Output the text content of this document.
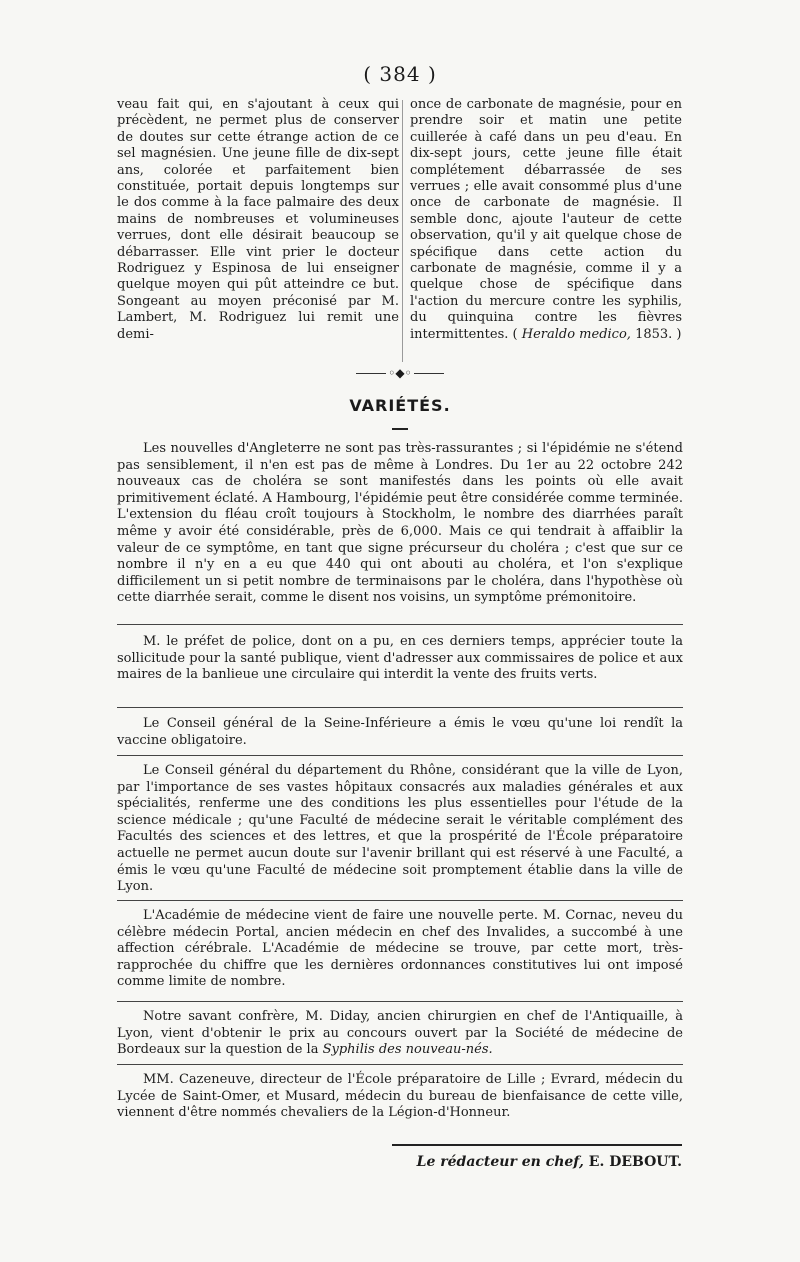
( 384 )

veau fait qui, en s'ajoutant à ceux qui précèdent, ne permet plus de conserver de doutes sur cette étrange action de ce sel magnésien. Une jeune fille de dix-sept ans, colorée et parfaitement bien constituée, portait depuis longtemps sur le dos comme à la face palmaire des deux mains de nombreuses et volumineuses verrues, dont elle désirait beaucoup se débarrasser. Elle vint prier le docteur Rodriguez y Espinosa de lui enseigner quelque moyen qui pût atteindre ce but. Songeant au moyen préconisé par M. Lambert, M. Rodriguez lui remit une demi-

once de carbonate de magnésie, pour en prendre soir et matin une petite cuillerée à café dans un peu d'eau. En dix-sept jours, cette jeune fille était complétement débarrassée de ses verrues ; elle avait consommé plus d'une once de carbonate de magnésie. Il semble donc, ajoute l'auteur de cette observation, qu'il y ait quelque chose de spécifique dans cette action du carbonate de magnésie, comme il y a quelque chose de spécifique dans l'action du mercure contre les syphilis, du quinquina contre les fièvres intermittentes. ( Heraldo medico, 1853. )

◦◆◦
VARIÉTÉS.

Les nouvelles d'Angleterre ne sont pas très-rassurantes ; si l'épidémie ne s'étend pas sensiblement, il n'en est pas de même à Londres. Du 1er au 22 octobre 242 nouveaux cas de choléra se sont manifestés dans les points où elle avait primitivement éclaté. A Hambourg, l'épidémie peut être considérée comme terminée. L'extension du fléau croît toujours à Stockholm, le nombre des diarrhées paraît même y avoir été considérable, près de 6,000. Mais ce qui tendrait à affaiblir la valeur de ce symptôme, en tant que signe précurseur du choléra ; c'est que sur ce nombre il n'y en a eu que 440 qui ont abouti au choléra, et l'on s'explique difficilement un si petit nombre de terminaisons par le choléra, dans l'hypothèse où cette diarrhée serait, comme le disent nos voisins, un symptôme prémonitoire.

M. le préfet de police, dont on a pu, en ces derniers temps, apprécier toute la sollicitude pour la santé publique, vient d'adresser aux commissaires de police et aux maires de la banlieue une circulaire qui interdit la vente des fruits verts.

Le Conseil général de la Seine-Inférieure a émis le vœu qu'une loi rendît la vaccine obligatoire.

Le Conseil général du département du Rhône, considérant que la ville de Lyon, par l'importance de ses vastes hôpitaux consacrés aux maladies générales et aux spécialités, renferme une des conditions les plus essentielles pour l'étude de la science médicale ; qu'une Faculté de médecine serait le véritable complément des Facultés des sciences et des lettres, et que la prospérité de l'École préparatoire actuelle ne permet aucun doute sur l'avenir brillant qui est réservé à une Faculté, a émis le vœu qu'une Faculté de médecine soit promptement établie dans la ville de Lyon.

L'Académie de médecine vient de faire une nouvelle perte. M. Cornac, neveu du célèbre médecin Portal, ancien médecin en chef des Invalides, a succombé à une affection cérébrale. L'Académie de médecine se trouve, par cette mort, très-rapprochée du chiffre que les dernières ordonnances constitutives lui ont imposé comme limite de nombre.

Notre savant confrère, M. Diday, ancien chirurgien en chef de l'Antiquaille, à Lyon, vient d'obtenir le prix au concours ouvert par la Société de médecine de Bordeaux sur la question de la Syphilis des nouveau-nés.

MM. Cazeneuve, directeur de l'École préparatoire de Lille ; Evrard, médecin du Lycée de Saint-Omer, et Musard, médecin du bureau de bienfaisance de cette ville, viennent d'être nommés chevaliers de la Légion-d'Honneur.

Le rédacteur en chef, E. DEBOUT.
